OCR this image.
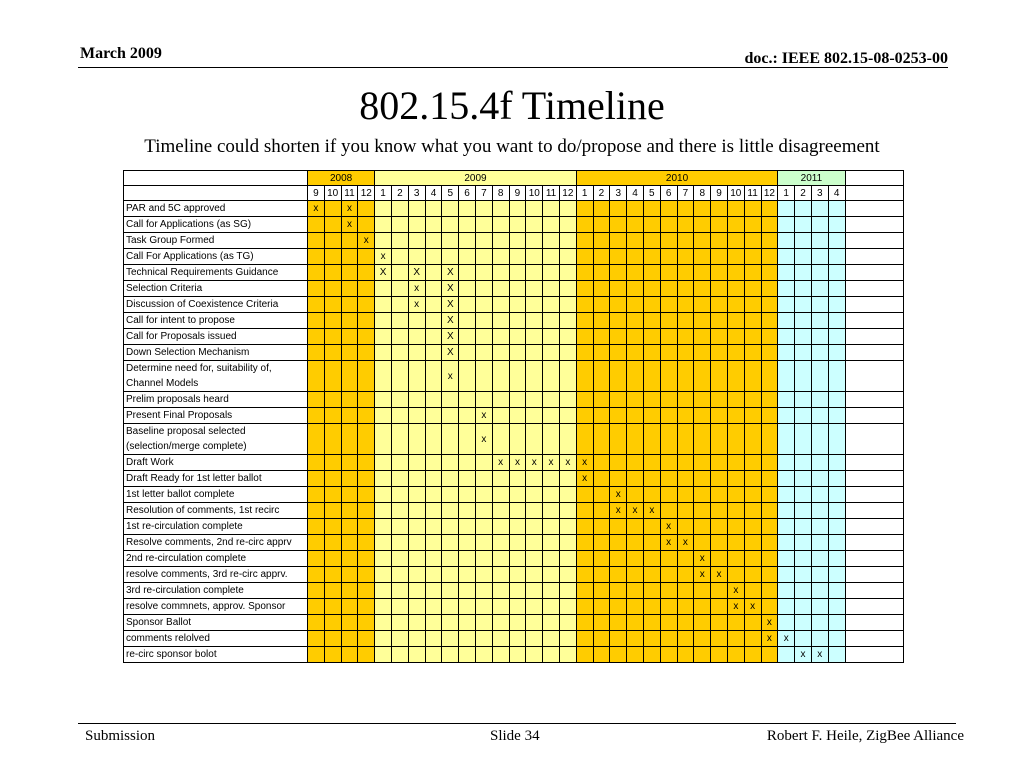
March 2009	doc.: IEEE 802.15-08-0253-00
802.15.4f Timeline
Timeline could shorten if you know what you want to do/propose and there is little disagreement
	2008				2009												2010												2011				
	9	10	11	12	1	2	3	4	5	6	7	8	9	10	11	12	1	2	3	4	5	6	7	8	9	10	11	12	1	2	3	4	
PAR and 5C approved	x		x																														
Call for Applications (as SG)			x																														
Task Group Formed				x																													
Call For Applications (as TG)					x																												
Technical Requirements Guidance					X		X		X																								
Selection Criteria							x		X																								
Discussion of Coexistence Criteria							x		X																								
Call for intent to propose									X																								
Call for Proposals issued									X																								
Down Selection Mechanism									X																								
Determine need for, suitability of, Channel Models									x																								
Prelim proposals heard																																	
Present Final Proposals											x																						
Baseline proposal selected (selection/merge complete)											x																						
Draft Work												x	x	x	x	x	x																
Draft Ready for 1st letter ballot																	x																
1st letter ballot complete																			x														
Resolution of comments, 1st recirc																			x	x	x												
1st re-circulation complete																						x											
Resolve comments, 2nd re-circ apprv																						x	x										
2nd re-circulation complete																								x									
resolve comments, 3rd re-circ apprv.																								x	x								
3rd re-circulation complete																										x							
resolve commnets, approv. Sponsor																										x	x						
Sponsor Ballot																												x					
comments relolved																												x	x				
re-circ sponsor bolot																														x	x		
Submission	Slide 34	Robert F. Heile, ZigBee Alliance
